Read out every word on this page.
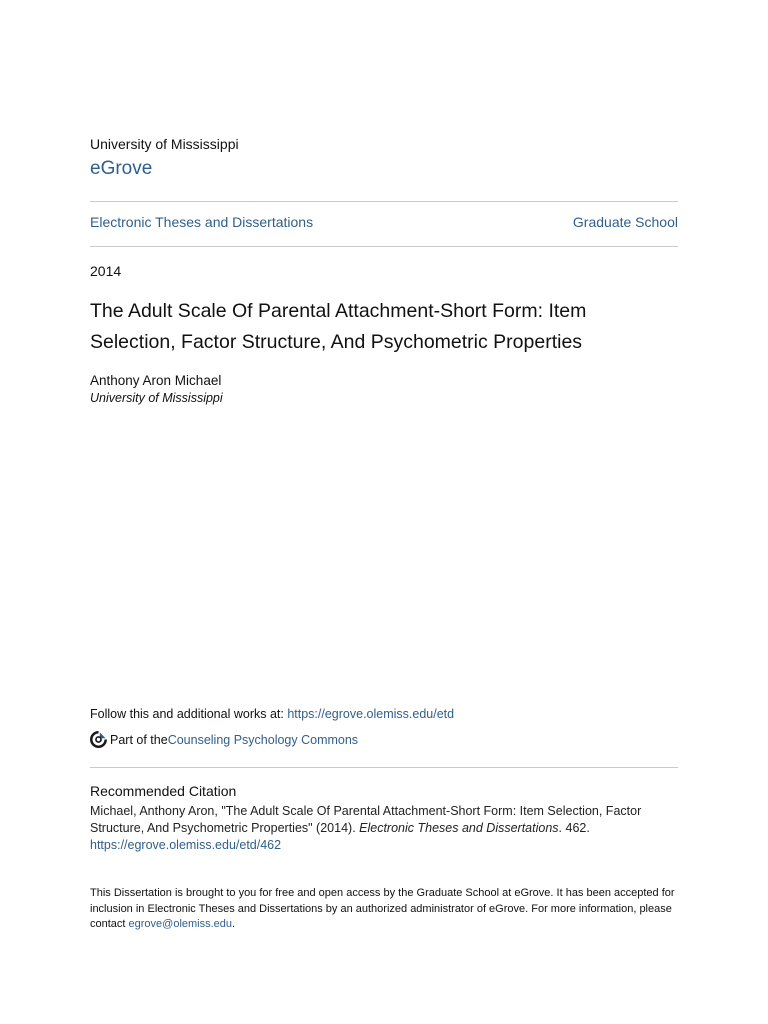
University of Mississippi
eGrove
Electronic Theses and Dissertations	Graduate School
2014
The Adult Scale Of Parental Attachment-Short Form: Item
Selection, Factor Structure, And Psychometric Properties
Anthony Aron Michael
University of Mississippi
Follow this and additional works at: https://egrove.olemiss.edu/etd
Part of the Counseling Psychology Commons
Recommended Citation
Michael, Anthony Aron, "The Adult Scale Of Parental Attachment-Short Form: Item Selection, Factor Structure, And Psychometric Properties" (2014). Electronic Theses and Dissertations. 462.
https://egrove.olemiss.edu/etd/462
This Dissertation is brought to you for free and open access by the Graduate School at eGrove. It has been accepted for inclusion in Electronic Theses and Dissertations by an authorized administrator of eGrove. For more information, please contact egrove@olemiss.edu.
